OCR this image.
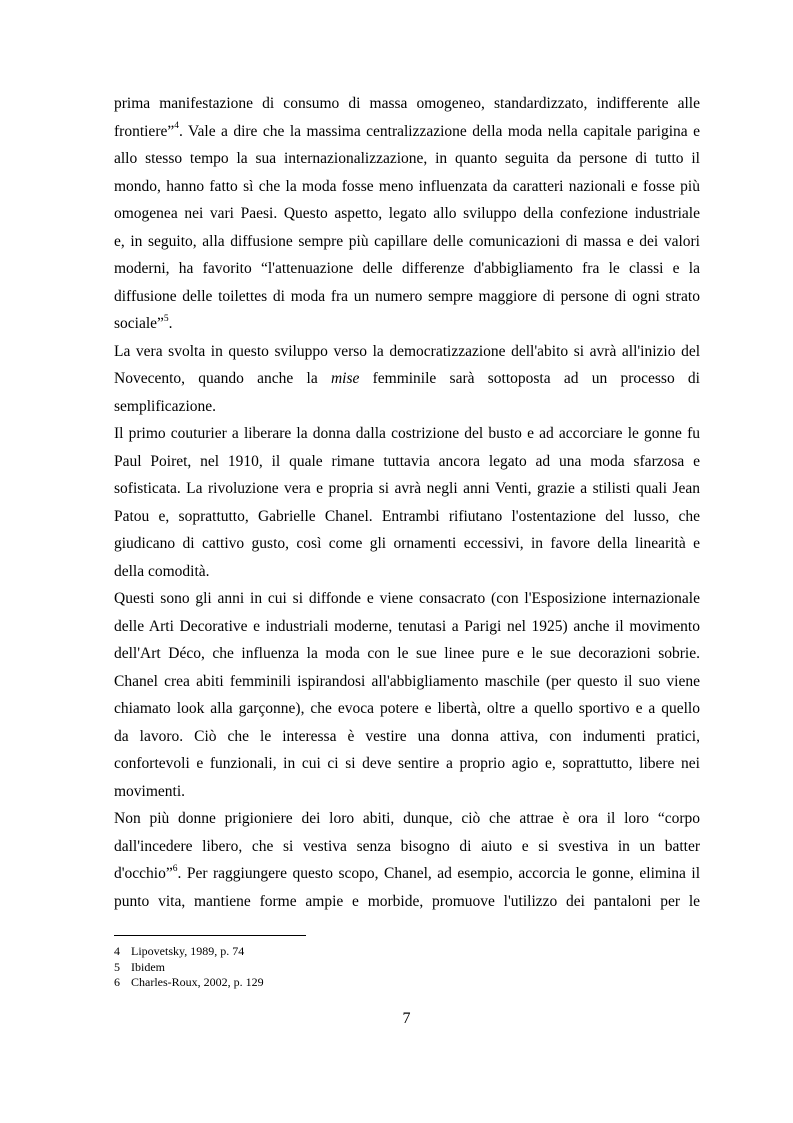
prima manifestazione di consumo di massa omogeneo, standardizzato, indifferente alle
frontiere”$^4$. Vale a dire che la massima centralizzazione della moda nella capitale parigina e
allo stesso tempo la sua internazionalizzazione, in quanto seguita da persone di tutto il
mondo, hanno fatto sì che la moda fosse meno influenzata da caratteri nazionali e fosse più
omogenea nei vari Paesi. Questo aspetto, legato allo sviluppo della confezione industriale
e, in seguito, alla diffusione sempre più capillare delle comunicazioni di massa e dei valori
moderni, ha favorito “l'attenuazione delle differenze d'abbigliamento fra le classi e la
diffusione delle toilettes di moda fra un numero sempre maggiore di persone di ogni strato
sociale”$^5$.

La vera svolta in questo sviluppo verso la democratizzazione dell'abito si avrà all'inizio del
Novecento, quando anche la mise femminile sarà sottoposta ad un processo di
semplificazione.

Il primo couturier a liberare la donna dalla costrizione del busto e ad accorciare le gonne fu
Paul Poiret, nel 1910, il quale rimane tuttavia ancora legato ad una moda sfarzosa e
sofisticata. La rivoluzione vera e propria si avrà negli anni Venti, grazie a stilisti quali Jean
Patou e, soprattutto, Gabrielle Chanel. Entrambi rifiutano l'ostentazione del lusso, che
giudicano di cattivo gusto, così come gli ornamenti eccessivi, in favore della linearità e
della comodità.

Questi sono gli anni in cui si diffonde e viene consacrato (con l'Esposizione internazionale
delle Arti Decorative e industriali moderne, tenutasi a Parigi nel 1925) anche il movimento
dell'Art Déco, che influenza la moda con le sue linee pure e le sue decorazioni sobrie.
Chanel crea abiti femminili ispirandosi all'abbigliamento maschile (per questo il suo viene
chiamato look alla garçonne), che evoca potere e libertà, oltre a quello sportivo e a quello
da lavoro. Ciò che le interessa è vestire una donna attiva, con indumenti pratici,
confortevoli e funzionali, in cui ci si deve sentire a proprio agio e, soprattutto, libere nei
movimenti.

Non più donne prigioniere dei loro abiti, dunque, ciò che attrae è ora il loro “corpo
dall'incedere libero, che si vestiva senza bisogno di aiuto e si svestiva in un batter
d'occhio”$^6$. Per raggiungere questo scopo, Chanel, ad esempio, accorcia le gonne, elimina il
punto vita, mantiene forme ampie e morbide, promuove l'utilizzo dei pantaloni per le

4 Lipovetsky, 1989, p. 74
5 Ibidem
6 Charles-Roux, 2002, p. 129
7
